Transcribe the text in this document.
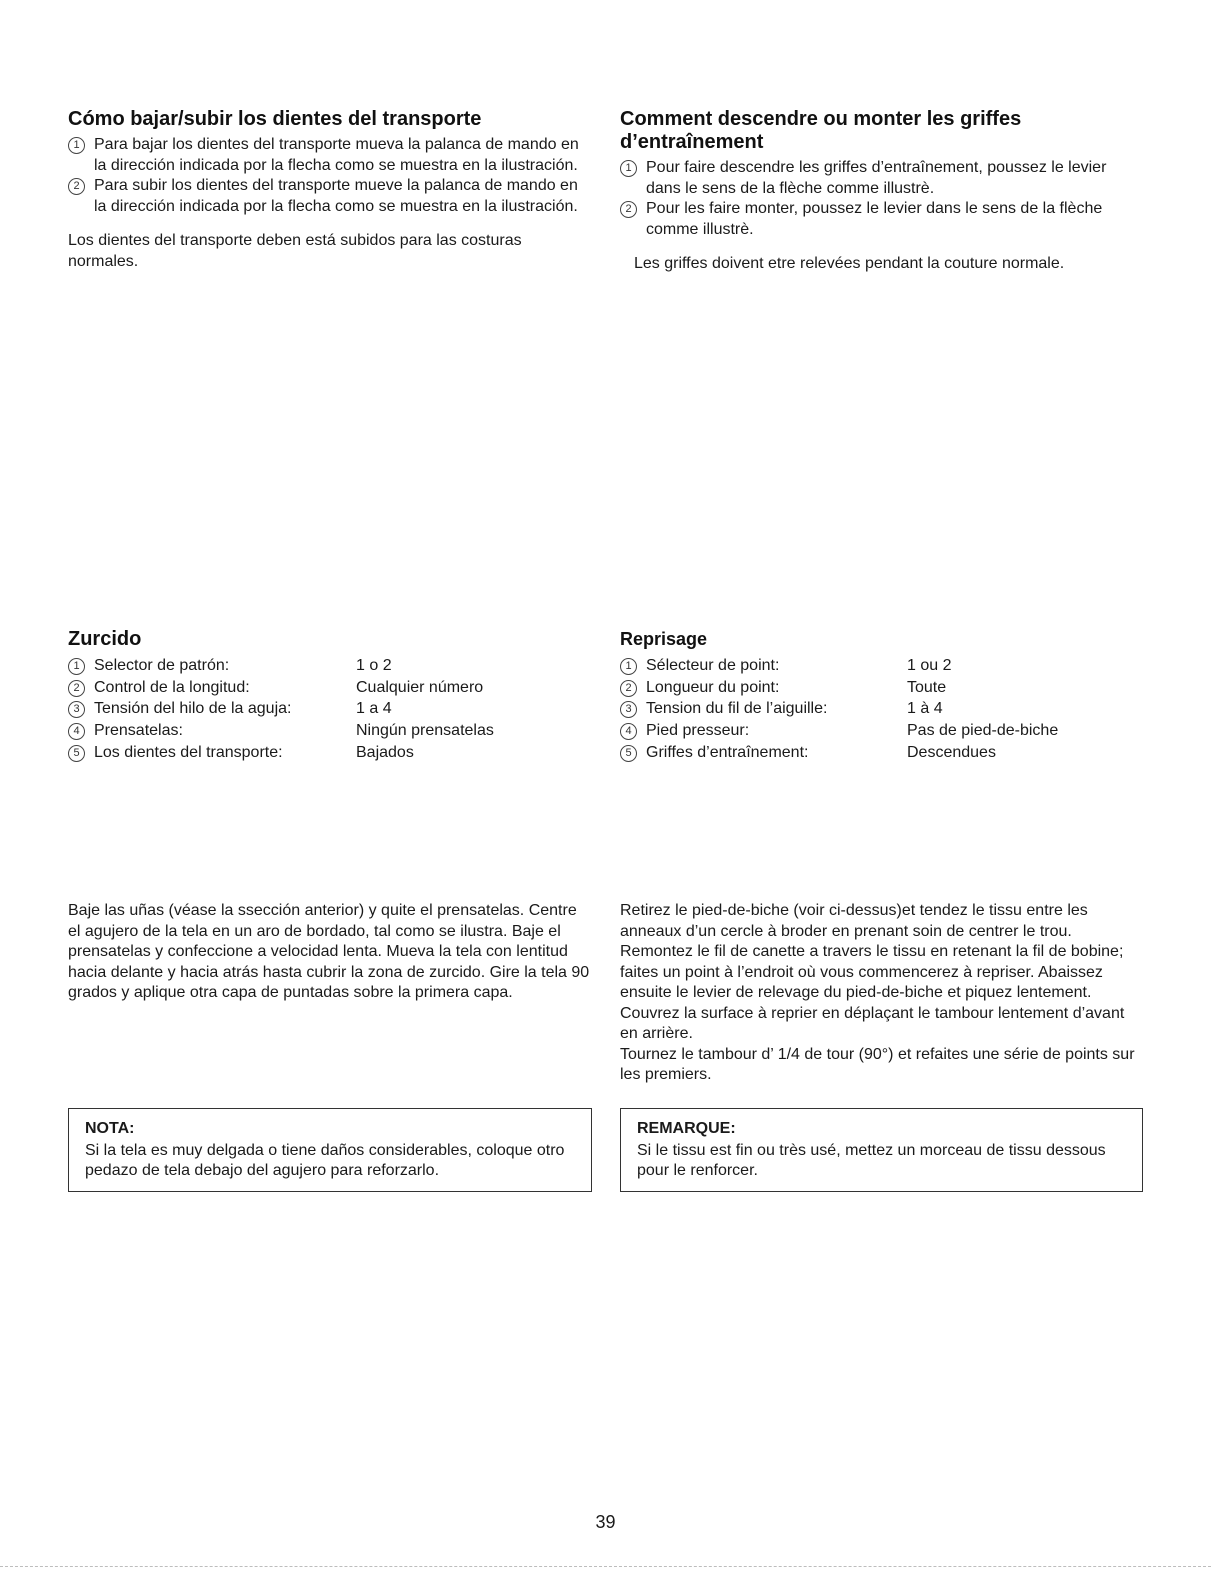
Cómo bajar/subir los dientes del transporte
1 Para bajar los dientes del transporte mueva la palanca de mando en la dirección indicada por la flecha como se muestra en la ilustración.
2 Para subir los dientes del transporte mueve la palanca de mando en la dirección indicada por la flecha como se muestra en la ilustración.
Los dientes del transporte deben está subidos para las costuras normales.
Comment descendre ou monter les griffes d’entraînement
1 Pour faire descendre les griffes d’entraînement, poussez le levier dans le sens de la flèche comme illustrè.
2 Pour les faire monter, poussez le levier dans le sens de la flèche comme illustrè.
Les griffes doivent etre relevées pendant la couture normale.
Zurcido
1 Selector de patrón:	1 o 2
2 Control de la longitud:	Cualquier número
3 Tensión del hilo de la aguja:	1 a 4
4 Prensatelas:	Ningún prensatelas
5 Los dientes del transporte:	Bajados
Reprisage
1 Sélecteur de point:	1 ou 2
2 Longueur du point:	Toute
3 Tension du fil de l’aiguille:	1 à 4
4 Pied presseur:	Pas de pied-de-biche
5 Griffes d’entraînement:	Descendues
Baje las uñas (véase la ssección anterior) y quite el prensatelas. Centre el agujero de la tela en un aro de bordado, tal como se ilustra. Baje el prensatelas y confeccione a velocidad lenta. Mueva la tela con lentitud hacia delante y hacia atrás hasta cubrir la zona de zurcido. Gire la tela 90 grados y aplique otra capa de puntadas sobre la primera capa.
Retirez le pied-de-biche (voir ci-dessus)et tendez le tissu entre les anneaux d’un cercle à broder en prenant soin de centrer le trou. Remontez le fil de canette a travers le tissu en retenant la fil de bobine; faites un point à l’endroit où vous commencerez à repriser. Abaissez ensuite le levier de relevage du pied-de-biche et piquez lentement. Couvrez la surface à reprier en déplaçant le tambour lentement d’avant en arrière.
Tournez le tambour d’ 1/4 de tour (90°) et refaites une série de points sur les premiers.
NOTA:
Si la tela es muy delgada o tiene daños considerables, coloque otro pedazo de tela debajo del agujero para reforzarlo.
REMARQUE:
Si le tissu est fin ou très usé, mettez un morceau de tissu dessous pour le renforcer.
39
